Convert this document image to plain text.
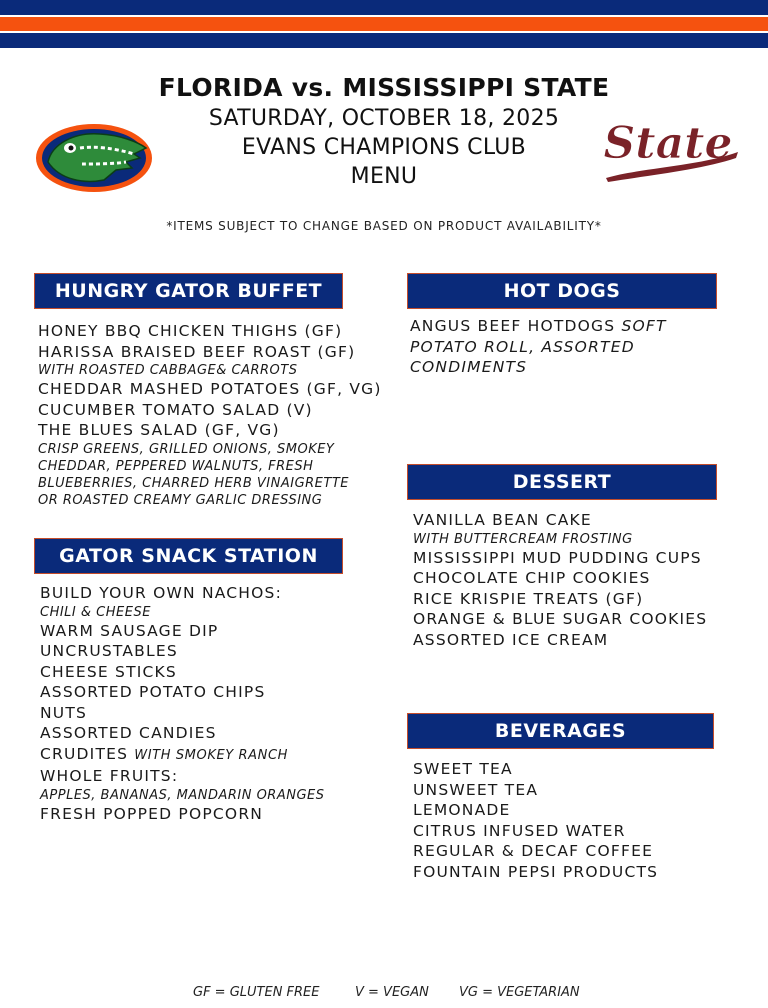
FLORIDA vs. MISSISSIPPI STATE
SATURDAY, OCTOBER 18, 2025
EVANS CHAMPIONS CLUB
MENU
State
*ITEMS SUBJECT TO CHANGE BASED ON PRODUCT AVAILABILITY*
HUNGRY GATOR BUFFET
HONEY BBQ CHICKEN THIGHS (GF)
HARISSA BRAISED BEEF ROAST (GF)
WITH ROASTED CABBAGE& CARROTS
CHEDDAR MASHED POTATOES (GF, VG)
CUCUMBER TOMATO SALAD (V)
THE BLUES SALAD (GF, VG)
CRISP GREENS, GRILLED ONIONS, SMOKEY
CHEDDAR, PEPPERED WALNUTS, FRESH
BLUEBERRIES, CHARRED HERB VINAIGRETTE
OR ROASTED CREAMY GARLIC DRESSING
GATOR SNACK STATION
BUILD YOUR OWN NACHOS:
CHILI & CHEESE
WARM SAUSAGE DIP
UNCRUSTABLES
CHEESE STICKS
ASSORTED POTATO CHIPS
NUTS
ASSORTED CANDIES
CRUDITES WITH SMOKEY RANCH
WHOLE FRUITS:
APPLES, BANANAS, MANDARIN ORANGES
FRESH POPPED POPCORN
HOT DOGS
ANGUS BEEF HOTDOGS SOFT POTATO ROLL, ASSORTED CONDIMENTS
DESSERT
VANILLA BEAN CAKE
WITH BUTTERCREAM FROSTING
MISSISSIPPI MUD PUDDING CUPS
CHOCOLATE CHIP COOKIES
RICE KRISPIE TREATS (GF)
ORANGE & BLUE SUGAR COOKIES
ASSORTED ICE CREAM
BEVERAGES
SWEET TEA
UNSWEET TEA
LEMONADE
CITRUS INFUSED WATER
REGULAR & DECAF COFFEE
FOUNTAIN PEPSI PRODUCTS
GF = GLUTEN FREE	V = VEGAN VG = VEGETARIAN
